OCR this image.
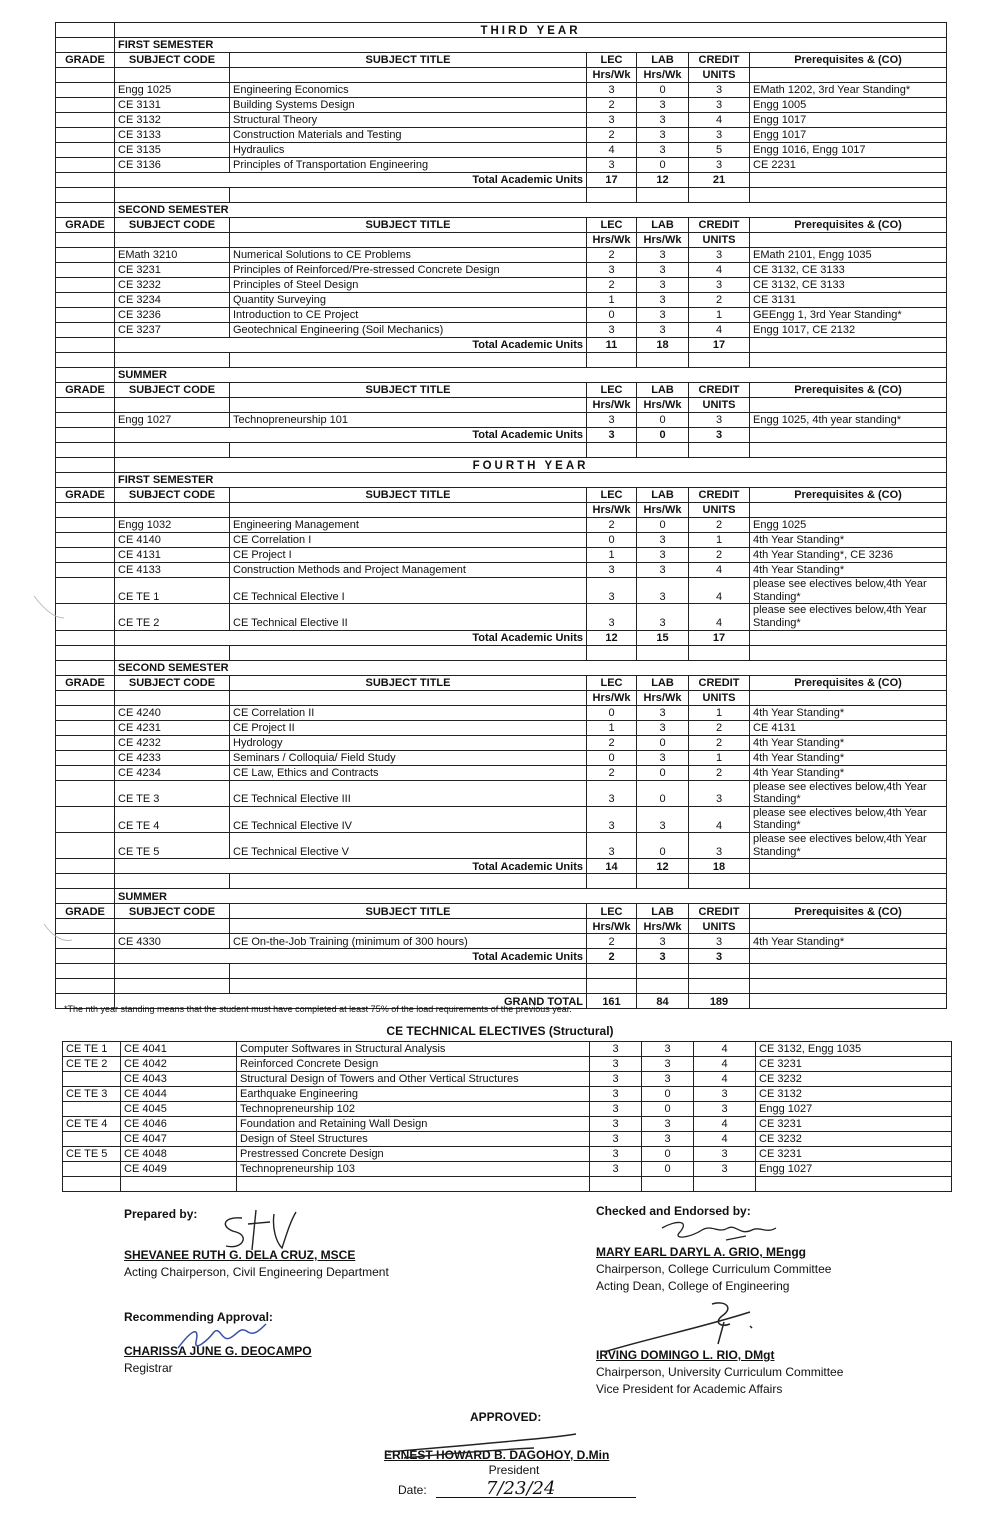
	THIRD YEAR					
	FIRST SEMESTER					
GRADE	SUBJECT CODE	SUBJECT TITLE	LEC	LAB	CREDIT	Prerequisites & (CO)
			Hrs/Wk	Hrs/Wk	UNITS	
	Engg 1025	Engineering Economics	3	0	3	EMath 1202, 3rd Year Standing*
	CE 3131	Building Systems Design	2	3	3	Engg 1005
	CE 3132	Structural Theory	3	3	4	Engg 1017
	CE 3133	Construction Materials and Testing	2	3	3	Engg 1017
	CE 3135	Hydraulics	4	3	5	Engg 1016, Engg 1017
	CE 3136	Principles of Transportation Engineering	3	0	3	CE 2231
	Total Academic Units		17	12	21	

	SECOND SEMESTER					
GRADE	SUBJECT CODE	SUBJECT TITLE	LEC	LAB	CREDIT	Prerequisites & (CO)
			Hrs/Wk	Hrs/Wk	UNITS	
	EMath 3210	Numerical Solutions to CE Problems	2	3	3	EMath 2101, Engg 1035
	CE 3231	Principles of Reinforced/Pre-stressed Concrete Design	3	3	4	CE 3132, CE 3133
	CE 3232	Principles of Steel Design	2	3	3	CE 3132, CE 3133
	CE 3234	Quantity Surveying	1	3	2	CE 3131
	CE 3236	Introduction to CE Project	0	3	1	GEEngg 1, 3rd Year Standing*
	CE 3237	Geotechnical Engineering (Soil Mechanics)	3	3	4	Engg 1017, CE 2132
	Total Academic Units		11	18	17	

	SUMMER					
GRADE	SUBJECT CODE	SUBJECT TITLE	LEC	LAB	CREDIT	Prerequisites & (CO)
			Hrs/Wk	Hrs/Wk	UNITS	
	Engg 1027	Technopreneurship 101	3	0	3	Engg 1025, 4th year standing*
	Total Academic Units		3	0	3	

	FOURTH YEAR					
	FIRST SEMESTER					
GRADE	SUBJECT CODE	SUBJECT TITLE	LEC	LAB	CREDIT	Prerequisites & (CO)
			Hrs/Wk	Hrs/Wk	UNITS	
	Engg 1032	Engineering Management	2	0	2	Engg 1025
	CE 4140	CE Correlation I	0	3	1	4th Year Standing*
	CE 4131	CE Project I	1	3	2	4th Year Standing*, CE 3236
	CE 4133	Construction Methods and Project Management	3	3	4	4th Year Standing*
	CE TE 1	CE Technical Elective I	3	3	4	please see electives below,4th Year Standing*
	CE TE 2	CE Technical Elective II	3	3	4	please see electives below,4th Year Standing*
	Total Academic Units		12	15	17	

	SECOND SEMESTER					
GRADE	SUBJECT CODE	SUBJECT TITLE	LEC	LAB	CREDIT	Prerequisites & (CO)
			Hrs/Wk	Hrs/Wk	UNITS	
	CE 4240	CE Correlation II	0	3	1	4th Year Standing*
	CE 4231	CE Project II	1	3	2	CE 4131
	CE 4232	Hydrology	2	0	2	4th Year Standing*
	CE 4233	Seminars / Colloquia/ Field Study	0	3	1	4th Year Standing*
	CE 4234	CE Law, Ethics and Contracts	2	0	2	4th Year Standing*
	CE TE 3	CE Technical Elective III	3	0	3	please see electives below,4th Year Standing*
	CE TE 4	CE Technical Elective IV	3	3	4	please see electives below,4th Year Standing*
	CE TE 5	CE Technical Elective V	3	0	3	please see electives below,4th Year Standing*
	Total Academic Units		14	12	18	

	SUMMER					
GRADE	SUBJECT CODE	SUBJECT TITLE	LEC	LAB	CREDIT	Prerequisites & (CO)
			Hrs/Wk	Hrs/Wk	UNITS	
	CE 4330	CE On-the-Job Training (minimum of 300 hours)	2	3	3	4th Year Standing*
	Total Academic Units		2	3	3	

	GRAND TOTAL		161	84	189	
*The nth year standing means that the student must have completed at least 75% of the load requirements of the previous year.
CE TECHNICAL ELECTIVES (Structural)
CE TE 1	CE 4041	Computer Softwares in Structural Analysis	3	3	4	CE 3132, Engg 1035
CE TE 2	CE 4042	Reinforced Concrete Design	3	3	4	CE 3231
	CE 4043	Structural Design of Towers and Other Vertical Structures	3	3	4	CE 3232
CE TE 3	CE 4044	Earthquake Engineering	3	0	3	CE 3132
	CE 4045	Technopreneurship 102	3	0	3	Engg 1027
CE TE 4	CE 4046	Foundation and Retaining Wall Design	3	3	4	CE 3231
	CE 4047	Design of Steel Structures	3	3	4	CE 3232
CE TE 5	CE 4048	Prestressed Concrete Design	3	0	3	CE 3231
	CE 4049	Technopreneurship 103	3	0	3	Engg 1027

Prepared by:
SHEVANEE RUTH G. DELA CRUZ, MSCE
Acting Chairperson, Civil Engineering Department
Checked and Endorsed by:
MARY EARL DARYL A. GRIO, MEngg
Chairperson, College Curriculum Committee
Acting Dean, College of Engineering
Recommending Approval:
CHARISSA JUNE G. DEOCAMPO
Registrar
IRVING DOMINGO L. RIO, DMgt
Chairperson, University Curriculum Committee
Vice President for Academic Affairs
APPROVED:
ERNEST HOWARD B. DAGOHOY, D.Min
President
Date:	7/23/24
